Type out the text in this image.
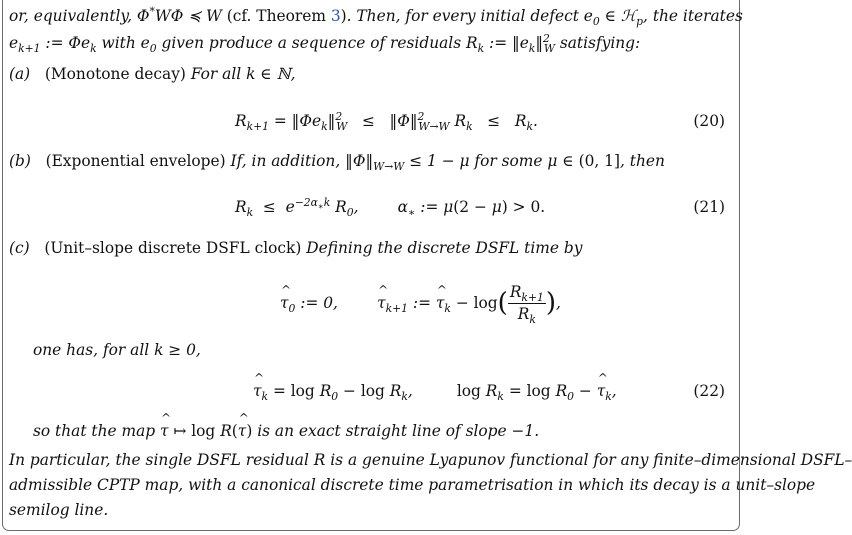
or, equivalently, Φ*WΦ ≼ W (cf. Theorem 3). Then, for every initial defect $e_0$ ∈ ℋ$_p$, the iterates
$e_{k+1}$ := $\Phi e_k$ with $e_0$ given produce a sequence of residuals $R_k$ := $‖e_k‖^2_W$ satisfying:
(a) (Monotone decay) For all k ∈ ℕ,
$R_{k+1}$ = $‖\Phi e_k‖^2_W$   ≤   ‖Φ‖$^2_{W\to W}$ $R_k \le R_k$.	(20)
(b) (Exponential envelope) If, in addition, $‖\Phi‖_{W\to W} \le 1 - \mu$ for some μ ∈ (0, 1], then
$R_k \le e^{-2\alpha_∗k}$ $R_0$,        $\alpha_∗$ := μ(2 − μ) > 0.	(21)
(c) (Unit–slope discrete DSFL clock) Defining the discrete DSFL time by
^ $\tau_0$ := 0,        ^ $\tau_{k+1}$ := ^ $\tau_k - \log( \frac{R_{k+1}}{R_k}$ ),
one has, for all k ≥ 0,
^ $\tau_k = \log R_0 - \log R_k$,         $\log R_k = \log R_0$ − ^ $\tau_k$,	(22)
so that the map ^ τ ↦ log R(^ τ) is an exact straight line of slope −1.
In particular, the single DSFL residual R is a genuine Lyapunov functional for any finite–dimensional DSFL–
admissible CPTP map, with a canonical discrete time parametrisation in which its decay is a unit–slope
semilog line.
